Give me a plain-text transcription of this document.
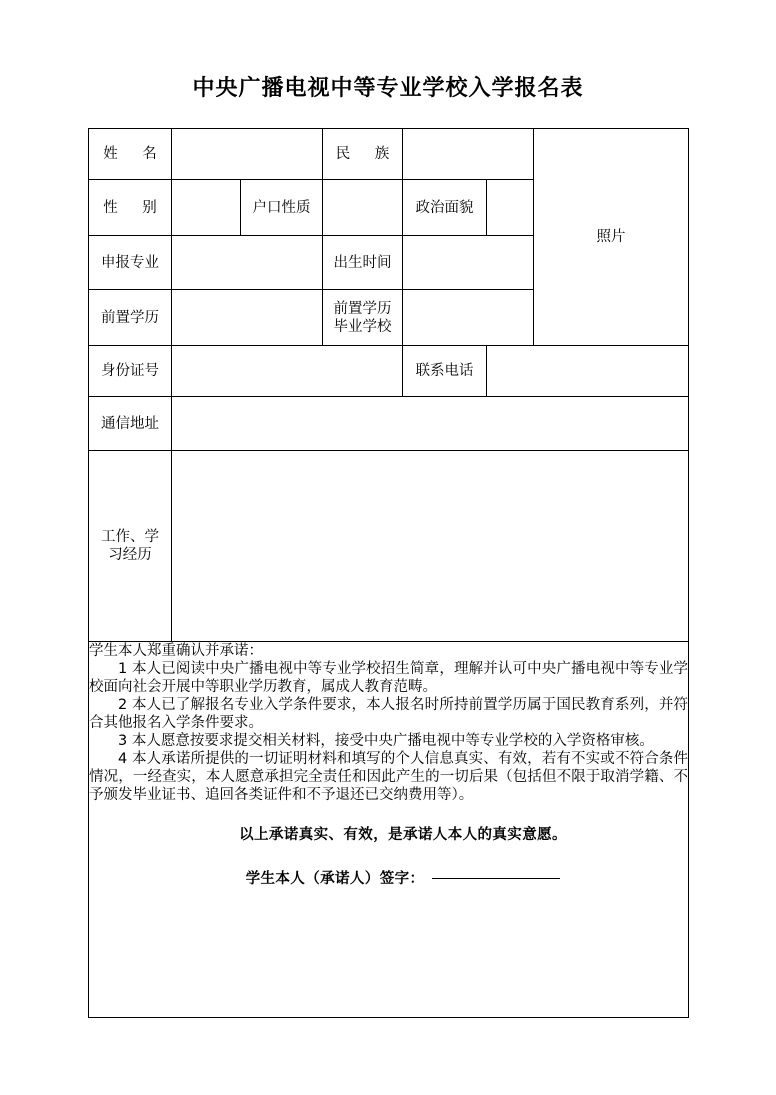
中央广播电视中等专业学校入学报名表
姓 名			民 族			照片
性 别		户口性质		政治面貌		
申报专业			出生时间			
前置学历			前置学历
毕业学校			

身份证号				联系电话		
通信地址						

工作、学
习经历						

学生本人郑重确认并承诺：

1 本人已阅读中央广播电视中等专业学校招生简章，理解并认可中央广播电视中等专业学校面向社会开展中等职业学历教育，属成人教育范畴。

2 本人已了解报名专业入学条件要求，本人报名时所持前置学历属于国民教育系列，并符合其他报名入学条件要求。

3 本人愿意按要求提交相关材料，接受中央广播电视中等专业学校的入学资格审核。

4 本人承诺所提供的一切证明材料和填写的个人信息真实、有效，若有不实或不符合条件情况，一经查实，本人愿意承担完全责任和因此产生的一切后果（包括但不限于取消学籍、不予颁发毕业证书、追回各类证件和不予退还已交纳费用等）。

以上承诺真实、有效，是承诺人本人的真实意愿。

学生本人（承诺人）签字：
